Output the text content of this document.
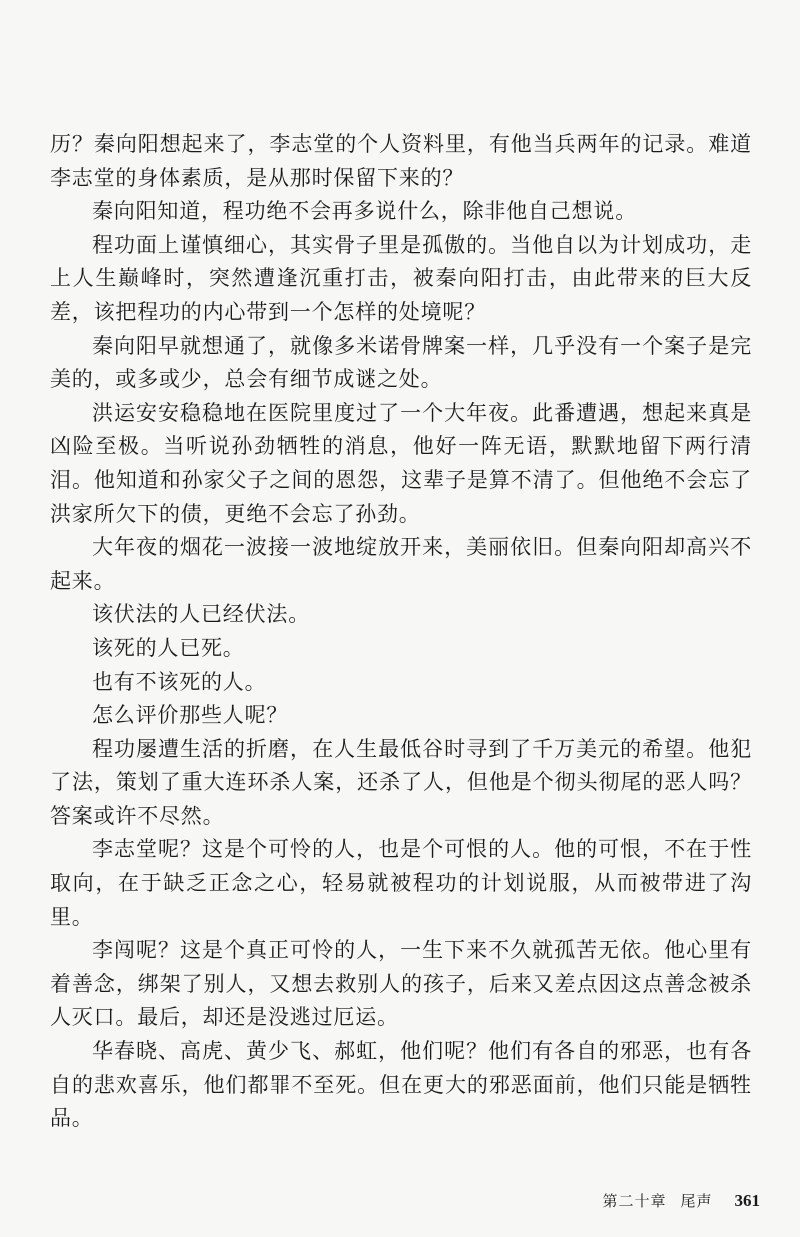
历？秦向阳想起来了，李志堂的个人资料里，有他当兵两年的记录。难道李志堂的身体素质，是从那时保留下来的？

秦向阳知道，程功绝不会再多说什么，除非他自己想说。

程功面上谨慎细心，其实骨子里是孤傲的。当他自以为计划成功，走上人生巅峰时，突然遭逢沉重打击，被秦向阳打击，由此带来的巨大反差，该把程功的内心带到一个怎样的处境呢？

秦向阳早就想通了，就像多米诺骨牌案一样，几乎没有一个案子是完美的，或多或少，总会有细节成谜之处。

洪运安安稳稳地在医院里度过了一个大年夜。此番遭遇，想起来真是凶险至极。当听说孙劲牺牲的消息，他好一阵无语，默默地留下两行清泪。他知道和孙家父子之间的恩怨，这辈子是算不清了。但他绝不会忘了洪家所欠下的债，更绝不会忘了孙劲。

大年夜的烟花一波接一波地绽放开来，美丽依旧。但秦向阳却高兴不起来。

该伏法的人已经伏法。

该死的人已死。

也有不该死的人。

怎么评价那些人呢？

程功屡遭生活的折磨，在人生最低谷时寻到了千万美元的希望。他犯了法，策划了重大连环杀人案，还杀了人，但他是个彻头彻尾的恶人吗？答案或许不尽然。

李志堂呢？这是个可怜的人，也是个可恨的人。他的可恨，不在于性取向，在于缺乏正念之心，轻易就被程功的计划说服，从而被带进了沟里。

李闯呢？这是个真正可怜的人，一生下来不久就孤苦无依。他心里有着善念，绑架了别人，又想去救别人的孩子，后来又差点因这点善念被杀人灭口。最后，却还是没逃过厄运。

华春晓、高虎、黄少飞、郝虹，他们呢？他们有各自的邪恶，也有各自的悲欢喜乐，他们都罪不至死。但在更大的邪恶面前，他们只能是牺牲品。

第二十章 尾声 361
